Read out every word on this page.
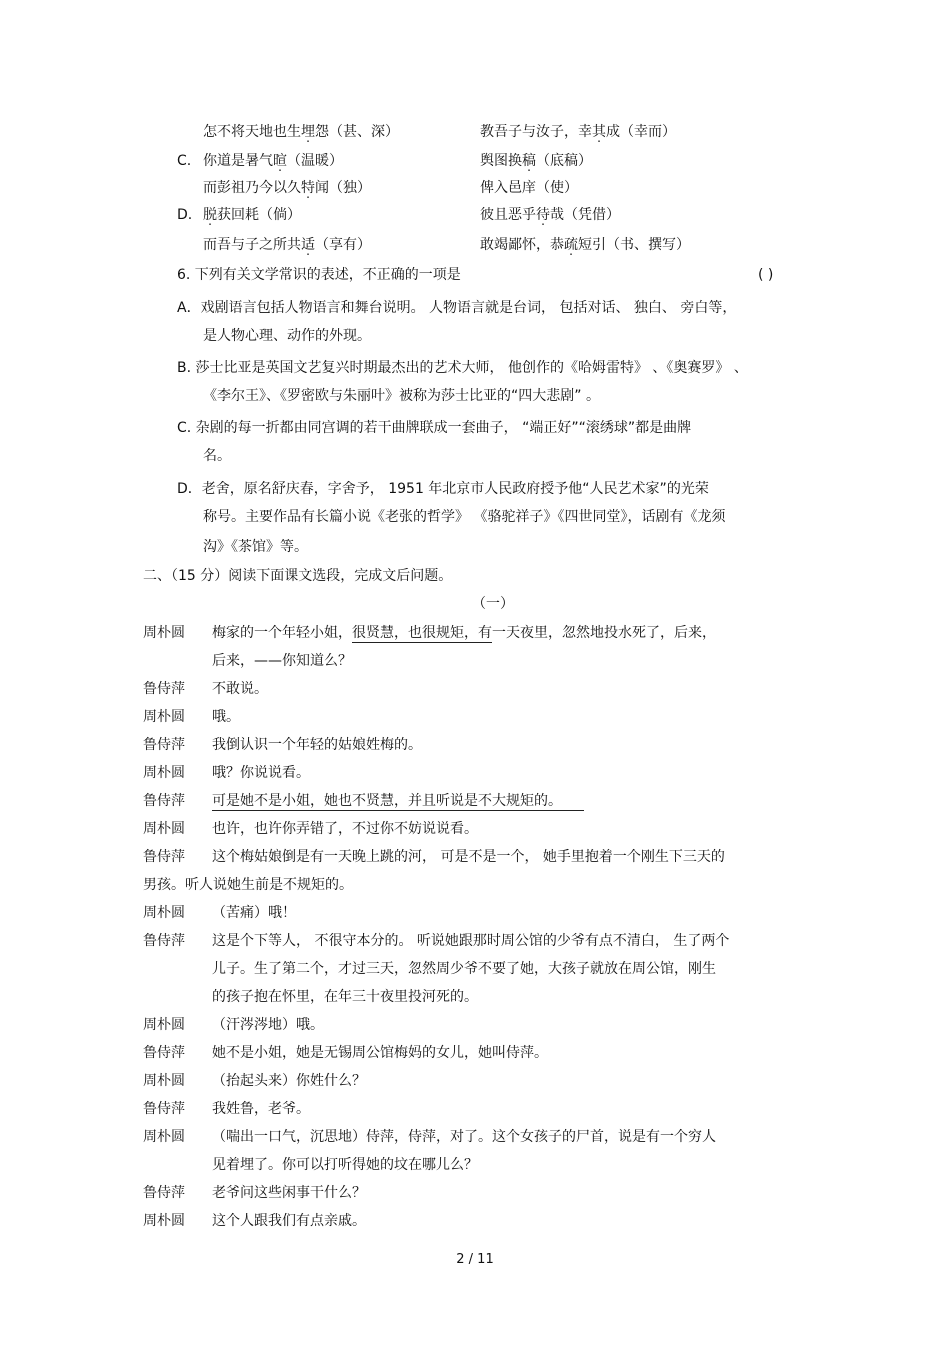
怎不将天地也生埋怨（甚、深）	教吾子与汝子，幸其成（幸而）
C. 你道是暑气暄（温暖）	舆图换稿（底稿）
而彭祖乃今以久特闻（独）	俾入邑庠（使）
D. 脱获回耗（倘）	彼且恶乎待哉（凭借）
而吾与子之所共适（享有）	敢竭鄙怀，恭疏短引（书、撰写）
6. 下列有关文学常识的表述，不正确的一项是	( )
A．戏剧语言包括人物语言和舞台说明。 人物语言就是台词， 包括对话、 独白、 旁白等，
是人物心理、动作的外现。
B. 莎士比亚是英国文艺复兴时期最杰出的艺术大师， 他创作的《哈姆雷特》 、《奥赛罗》 、
《李尔王》、《罗密欧与朱丽叶》被称为莎士比亚的“四大悲剧” 。
C. 杂剧的每一折都由同宫调的若干曲牌联成一套曲子， “端正好”“滚绣球”都是曲牌
名。
D．老舍，原名舒庆春，字舍予， 1951 年北京市人民政府授予他“人民艺术家”的光荣
称号。主要作品有长篇小说《老张的哲学》 《骆驼祥子》《四世同堂》，话剧有《龙须
沟》《茶馆》等。
二、（15 分）阅读下面课文选段，完成文后问题。
（一）
周朴圆 梅家的一个年轻小姐，很贤慧，也很规矩，有一天夜里，忽然地投水死了，后来，
后来，——你知道么？
鲁侍萍 不敢说。
周朴圆 哦。
鲁侍萍 我倒认识一个年轻的姑娘姓梅的。
周朴圆 哦？你说说看。
鲁侍萍 可是她不是小姐，她也不贤慧，并且听说是不大规矩的。
周朴圆 也许，也许你弄错了，不过你不妨说说看。
鲁侍萍 这个梅姑娘倒是有一天晚上跳的河， 可是不是一个， 她手里抱着一个刚生下三天的
男孩。听人说她生前是不规矩的。
周朴圆 （苦痛）哦！
鲁侍萍 这是个下等人， 不很守本分的。 听说她跟那时周公馆的少爷有点不清白， 生了两个
儿子。生了第二个，才过三天，忽然周少爷不要了她，大孩子就放在周公馆，刚生
的孩子抱在怀里，在年三十夜里投河死的。
周朴圆 （汗涔涔地）哦。
鲁侍萍 她不是小姐，她是无锡周公馆梅妈的女儿，她叫侍萍。
周朴圆 （抬起头来）你姓什么？
鲁侍萍 我姓鲁，老爷。
周朴圆 （喘出一口气，沉思地）侍萍，侍萍，对了。这个女孩子的尸首，说是有一个穷人
见着埋了。你可以打听得她的坟在哪儿么？
鲁侍萍 老爷问这些闲事干什么？
周朴圆 这个人跟我们有点亲戚。
2 / 11
